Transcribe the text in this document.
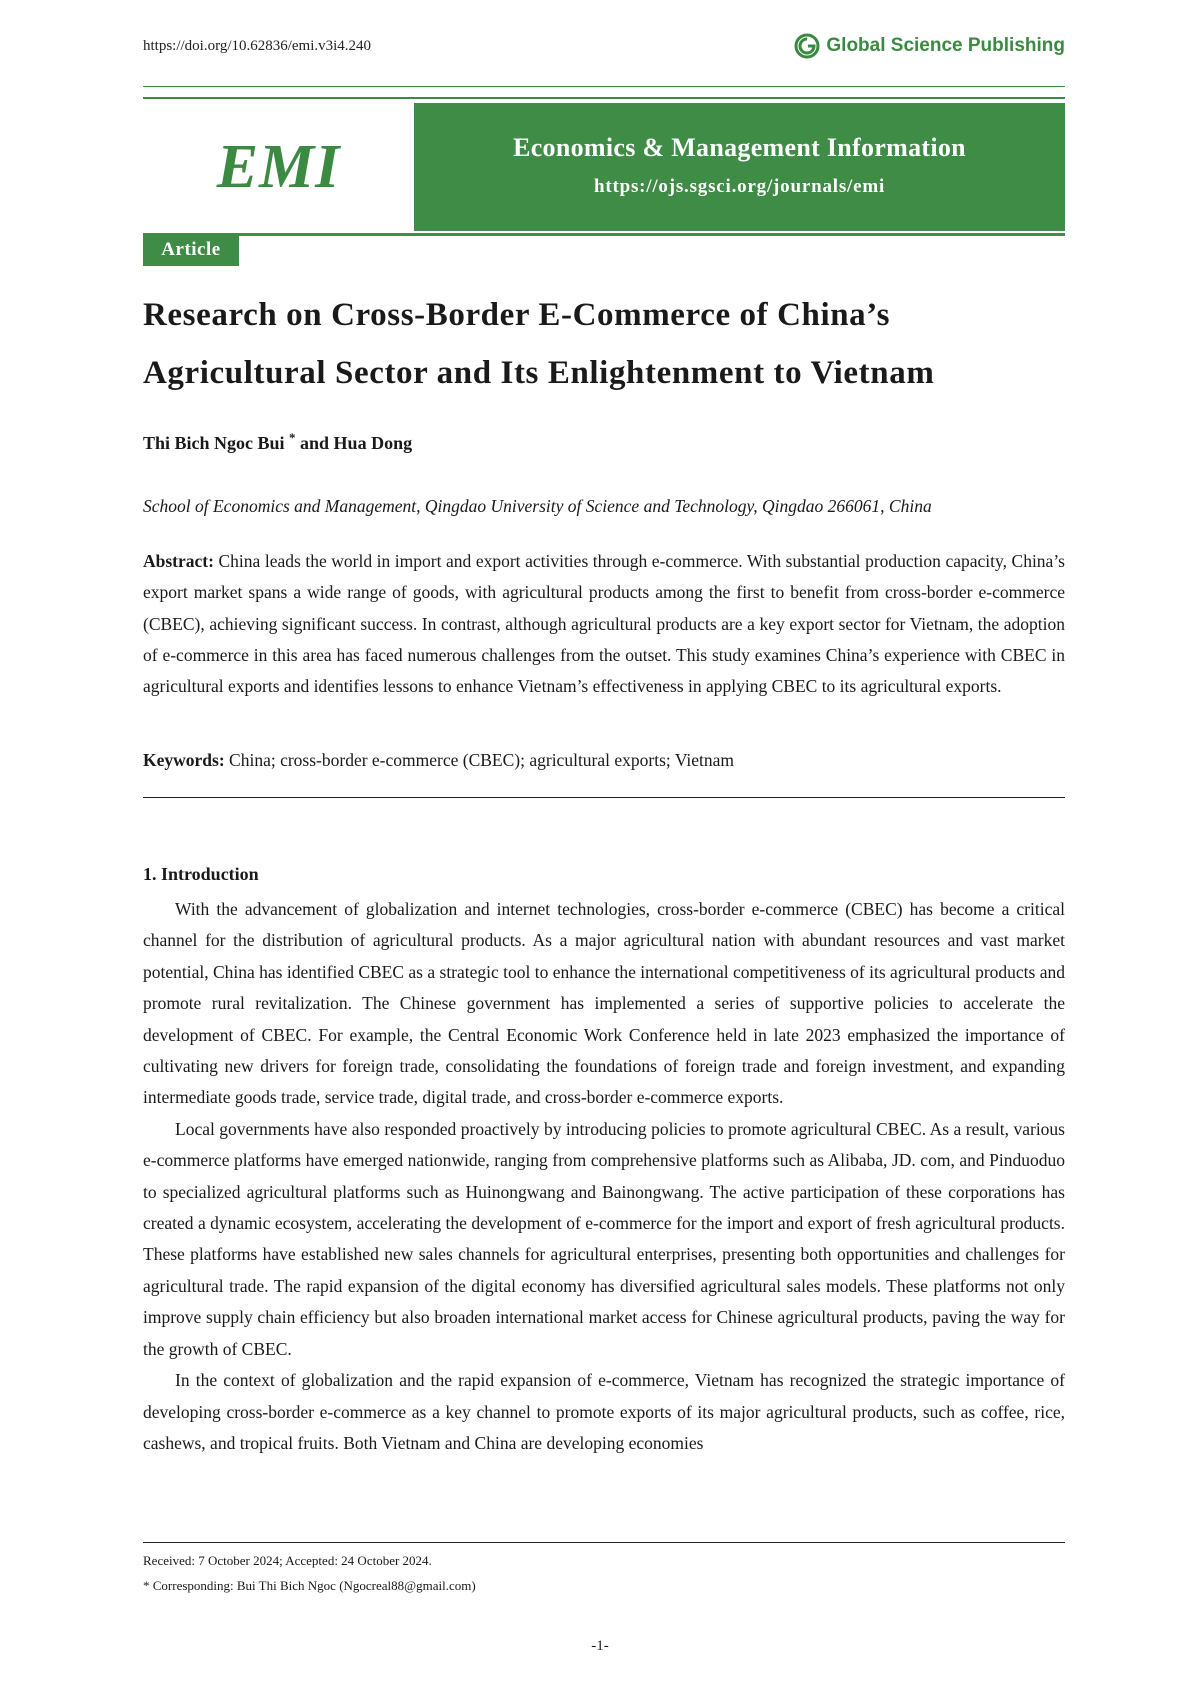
https://doi.org/10.62836/emi.v3i4.240	Global Science Publishing
EMI	Economics & Management Information
https://ojs.sgsci.org/journals/emi
Article
Research on Cross-Border E-Commerce of China’s Agricultural Sector and Its Enlightenment to Vietnam
Thi Bich Ngoc Bui * and Hua Dong
School of Economics and Management, Qingdao University of Science and Technology, Qingdao 266061, China

Abstract: China leads the world in import and export activities through e-commerce. With substantial production capacity, China’s export market spans a wide range of goods, with agricultural products among the first to benefit from cross-border e-commerce (CBEC), achieving significant success. In contrast, although agricultural products are a key export sector for Vietnam, the adoption of e-commerce in this area has faced numerous challenges from the outset. This study examines China’s experience with CBEC in agricultural exports and identifies lessons to enhance Vietnam’s effectiveness in applying CBEC to its agricultural exports.

Keywords: China; cross-border e-commerce (CBEC); agricultural exports; Vietnam
1. Introduction

With the advancement of globalization and internet technologies, cross-border e-commerce (CBEC) has become a critical channel for the distribution of agricultural products. As a major agricultural nation with abundant resources and vast market potential, China has identified CBEC as a strategic tool to enhance the international competitiveness of its agricultural products and promote rural revitalization. The Chinese government has implemented a series of supportive policies to accelerate the development of CBEC. For example, the Central Economic Work Conference held in late 2023 emphasized the importance of cultivating new drivers for foreign trade, consolidating the foundations of foreign trade and foreign investment, and expanding intermediate goods trade, service trade, digital trade, and cross-border e-commerce exports.

Local governments have also responded proactively by introducing policies to promote agricultural CBEC. As a result, various e-commerce platforms have emerged nationwide, ranging from comprehensive platforms such as Alibaba, JD. com, and Pinduoduo to specialized agricultural platforms such as Huinongwang and Bainongwang. The active participation of these corporations has created a dynamic ecosystem, accelerating the development of e-commerce for the import and export of fresh agricultural products. These platforms have established new sales channels for agricultural enterprises, presenting both opportunities and challenges for agricultural trade. The rapid expansion of the digital economy has diversified agricultural sales models. These platforms not only improve supply chain efficiency but also broaden international market access for Chinese agricultural products, paving the way for the growth of CBEC.

In the context of globalization and the rapid expansion of e-commerce, Vietnam has recognized the strategic importance of developing cross-border e-commerce as a key channel to promote exports of its major agricultural products, such as coffee, rice, cashews, and tropical fruits. Both Vietnam and China are developing economies

Received: 7 October 2024; Accepted: 24 October 2024.
* Corresponding: Bui Thi Bich Ngoc (Ngocreal88@gmail.com)
-1-
